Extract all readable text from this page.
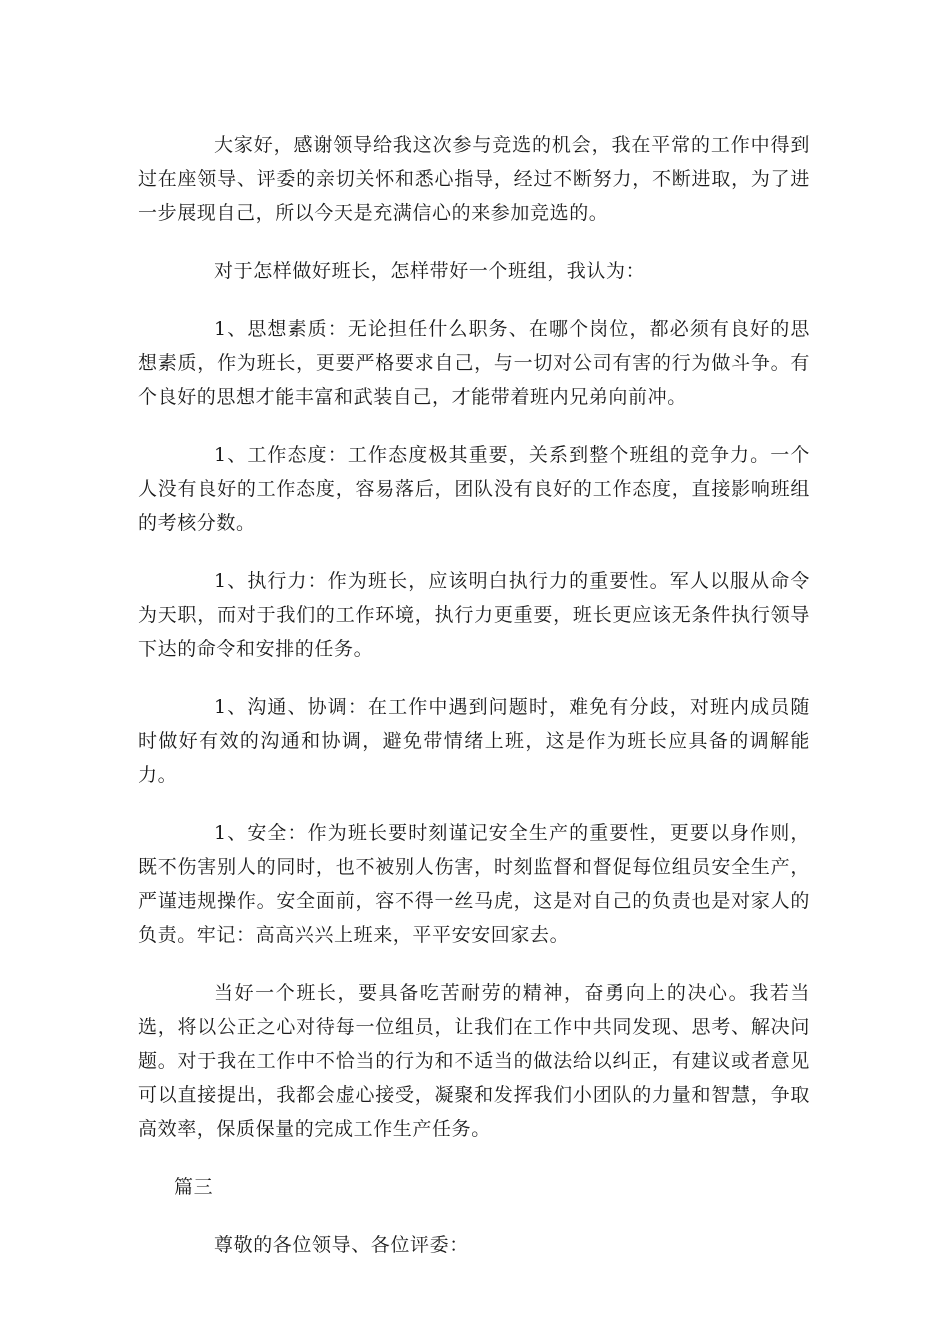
大家好，感谢领导给我这次参与竞选的机会，我在平常的工作中得到过在座领导、评委的亲切关怀和悉心指导，经过不断努力，不断进取，为了进一步展现自己，所以今天是充满信心的来参加竞选的。

对于怎样做好班长，怎样带好一个班组，我认为：

1、思想素质：无论担任什么职务、在哪个岗位，都必须有良好的思想素质，作为班长，更要严格要求自己，与一切对公司有害的行为做斗争。有个良好的思想才能丰富和武装自己，才能带着班内兄弟向前冲。

1、工作态度：工作态度极其重要，关系到整个班组的竞争力。一个人没有良好的工作态度，容易落后，团队没有良好的工作态度，直接影响班组的考核分数。

1、执行力：作为班长，应该明白执行力的重要性。军人以服从命令为天职，而对于我们的工作环境，执行力更重要，班长更应该无条件执行领导下达的命令和安排的任务。

1、沟通、协调：在工作中遇到问题时，难免有分歧，对班内成员随时做好有效的沟通和协调，避免带情绪上班，这是作为班长应具备的调解能力。

1、安全：作为班长要时刻谨记安全生产的重要性，更要以身作则，既不伤害别人的同时，也不被别人伤害，时刻监督和督促每位组员安全生产，严谨违规操作。安全面前，容不得一丝马虎，这是对自己的负责也是对家人的负责。牢记：高高兴兴上班来，平平安安回家去。

当好一个班长，要具备吃苦耐劳的精神，奋勇向上的决心。我若当选，将以公正之心对待每一位组员，让我们在工作中共同发现、思考、解决问题。对于我在工作中不恰当的行为和不适当的做法给以纠正，有建议或者意见可以直接提出，我都会虚心接受，凝聚和发挥我们小团队的力量和智慧，争取高效率，保质保量的完成工作生产任务。

篇三

尊敬的各位领导、各位评委：
